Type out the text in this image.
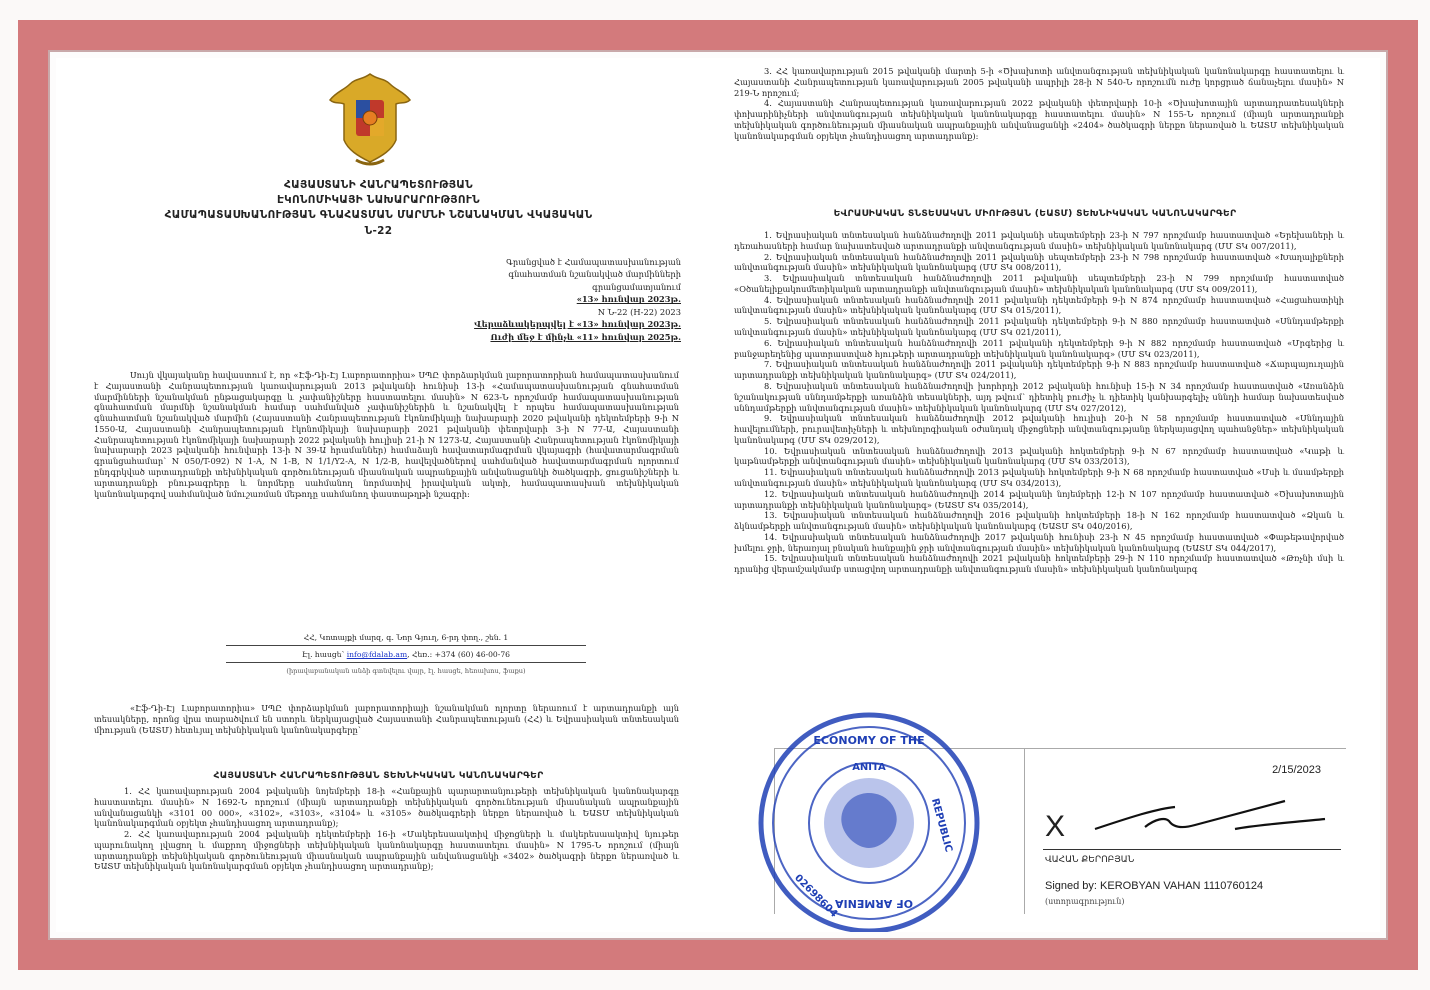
ՀԱՅԱՍՏԱՆԻ ՀԱՆՐԱՊԵՏՈՒԹՅԱՆ
ԷԿՈՆՈՄԻԿԱՅԻ ՆԱԽԱՐԱՐՈՒԹՅՈՒՆ
ՀԱՄԱՊԱՏԱՍԽԱՆՈՒԹՅԱՆ ԳՆԱՀԱՏՄԱՆ ՄԱՐՄՆԻ ՆՇԱՆԱԿՄԱՆ ՎԿԱՅԱԿԱՆ
Ն-22
Գրանցված է Համապատասխանության
գնահատման նշանակված մարմինների
գրանցամատյանում
«13» հունվար 2023թ.
N Ն-22 (H-22) 2023
Վերաձևակերպվել է «13» հունվար 2023թ.
Ուժի մեջ է մինչև «11» հունվար 2025թ.
Սույն վկայականը հավաստում է, որ «Էֆ-Դի-Էյ Լաբորատորիա» ՍՊԸ փորձարկման լաբորատորիան համապատասխանում է Հայաստանի Հանրապետության կառավարության 2013 թվականի հունիսի 13-ի «Համապատասխանության գնահատման մարմինների նշանակման ընթացակարգը և չափանիշները հաստատելու մասին» N 623-Ն որոշմամբ համապատասխանության գնահատման մարմնի նշանակման համար սահմանված չափանիշներին և նշանակվել է որպես համապատասխանության գնահատման նշանակված մարմին (Հայաստանի Հանրապետության էկոնոմիկայի նախարարի 2020 թվականի դեկտեմբերի 9-ի N 1550-Ա, Հայաստանի Հանրապետության էկոնոմիկայի նախարարի 2021 թվականի փետրվարի 3-ի N 77-Ա, Հայաստանի Հանրապետության էկոնոմիկայի նախարարի 2022 թվականի հուլիսի 21-ի N 1273-Ա, Հայաստանի Հանրապետության էկոնոմիկայի նախարարի 2023 թվականի հունվարի 13-ի N 39-Ա հրամաններ) համաձայն հավատարմագրման վկայագրի (հավատարմագրման գրանցահամար՝ N 050/T-092) N 1-A, N 1-B, N 1/1/Y2-A, N 1/2-B, հավելվածներով սահմանված հավատարմագրման ոլորտում ընդգրկված արտադրանքի տեխնիկական գործունեության միասնական ապրանքային անվանացանկի ծածկագրի, ցուցանիշների և արտադրանքի բնութագրերը և նորմերը սահմանող նորմատիվ իրավական ակտի, համապատասխան տեխնիկական կանոնակարգով սահմանված նմուշառման մեթոդը սահմանող փաստաթղթի նշագրի:
ՀՀ, Կոտայքի մարզ, գ. Նոր Գյուղ, 6-րդ փող., շեն. 1
Էլ. հասցե՝ info@fdalab.am, Հեռ.: +374 (60) 46-00-76
(իրավաբանական անձի գտնվելու վայր, էլ. հասցե, հեռախոս, ֆաքս)
«Էֆ-Դի-Էյ Լաբորատորիա» ՍՊԸ փորձարկման լաբորատորիայի նշանակման ոլորտը ներառում է արտադրանքի այն տեսակները, որոնց վրա տարածվում են ստորև ներկայացված Հայաստանի Հանրապետության (ՀՀ) և Եվրասիական տնտեսական միության (ԵԱՏՄ) հետևյալ տեխնիկական կանոնակարգերը՝
ՀԱՅԱՍՏԱՆԻ ՀԱՆՐԱՊԵՏՈՒԹՅԱՆ ՏԵԽՆԻԿԱԿԱՆ ԿԱՆՈՆԱԿԱՐԳԵՐ

1. ՀՀ կառավարության 2004 թվականի նոյեմբերի 18-ի «Հանքային պարարտանյութերի տեխնիկական կանոնակարգը հաստատելու մասին» N 1692-Ն որոշում (միայն արտադրանքի տեխնիկական գործունեության միասնական ապրանքային անվանացանկի «3101 00 000», «3102», «3103», «3104» և «3105» ծածկագրերի ներքո ներառված և ԵԱՏՄ տեխնիկական կանոնակարգման օբյեկտ չհանդիսացող արտադրանք);

2. ՀՀ կառավարության 2004 թվականի դեկտեմբերի 16-ի «Մակերեսաակտիվ միջոցների և մակերեսաակտիվ նյութեր պարունակող լվացող և մաքրող միջոցների տեխնիկական կանոնակարգը հաստատելու մասին» N 1795-Ն որոշում (միայն արտադրանքի տեխնիկական գործունեության միասնական ապրանքային անվանացանկի «3402» ծածկագրի ներքո ներառված և ԵԱՏՄ տեխնիկական կանոնակարգման օբյեկտ չհանդիսացող արտադրանք);

3. ՀՀ կառավարության 2015 թվականի մարտի 5-ի «Ծխախոտի անվտանգության տեխնիկական կանոնակարգը հաստատելու և Հայաստանի Հանրապետության կառավարության 2005 թվականի ապրիլի 28-ի N 540-Ն որոշումն ուժը կորցրած ճանաչելու մասին» N 219-Ն որոշում;

4. Հայաստանի Հանրապետության կառավարության 2022 թվականի փետրվարի 10-ի «Ծխախոտային արտադրատեսակների փոխարինիչների անվտանգության տեխնիկական կանոնակարգը հաստատելու մասին» N 155-Ն որոշում (միայն արտադրանքի տեխնիկական գործունեության միասնական ապրանքային անվանացանկի «2404» ծածկագրի ներքո ներառված և ԵԱՏՄ տեխնիկական կանոնակարգման օբյեկտ չհանդիսացող արտադրանք):

ԵՎՐԱՍԻԱԿԱՆ ՏՆՏԵՍԱԿԱՆ ՄԻՈՒԹՅԱՆ (ԵԱՏՄ) ՏԵԽՆԻԿԱԿԱՆ ԿԱՆՈՆԱԿԱՐԳԵՐ

1. Եվրասիական տնտեսական հանձնաժողովի 2011 թվականի սեպտեմբերի 23-ի N 797 որոշմամբ հաստատված «Երեխաների և դեռահասների համար նախատեսված արտադրանքի անվտանգության մասին» տեխնիկական կանոնակարգ (ՄՄ ՏԿ 007/2011),

2. Եվրասիական տնտեսական հանձնաժողովի 2011 թվականի սեպտեմբերի 23-ի N 798 որոշմամբ հաստատված «Խաղալիքների անվտանգության մասին» տեխնիկական կանոնակարգ (ՄՄ ՏԿ 008/2011),

3. Եվրասիական տնտեսական հանձնաժողովի 2011 թվականի սեպտեմբերի 23-ի N 799 որոշմամբ հաստատված «Օծանելիքակոսմետիկական արտադրանքի անվտանգության մասին» տեխնիկական կանոնակարգ (ՄՄ ՏԿ 009/2011),

4. Եվրասիական տնտեսական հանձնաժողովի 2011 թվականի դեկտեմբերի 9-ի N 874 որոշմամբ հաստատված «Հացահատիկի անվտանգության մասին» տեխնիկական կանոնակարգ (ՄՄ ՏԿ 015/2011),

5. Եվրասիական տնտեսական հանձնաժողովի 2011 թվականի դեկտեմբերի 9-ի N 880 որոշմամբ հաստատված «Սննդամթերքի անվտանգության մասին» տեխնիկական կանոնակարգ (ՄՄ ՏԿ 021/2011),

6. Եվրասիական տնտեսական հանձնաժողովի 2011 թվականի դեկտեմբերի 9-ի N 882 որոշմամբ հաստատված «Մրգերից և բանջարեղենից պատրաստված հյութերի արտադրանքի տեխնիկական կանոնակարգ» (ՄՄ ՏԿ 023/2011),

7. Եվրասիական տնտեսական հանձնաժողովի 2011 թվականի դեկտեմբերի 9-ի N 883 որոշմամբ հաստատված «Ճարպայուղային արտադրանքի տեխնիկական կանոնակարգ» (ՄՄ ՏԿ 024/2011),

8. Եվրասիական տնտեսական հանձնաժողովի խորհրդի 2012 թվականի հունիսի 15-ի N 34 որոշմամբ հաստատված «Առանձին նշանակության սննդամթերքի առանձին տեսակների, այդ թվում՝ դիետիկ բուժիչ և դիետիկ կանխարգելիչ սննդի համար նախատեսված սննդամթերքի անվտանգության մասին» տեխնիկական կանոնակարգ (ՄՄ ՏԿ 027/2012),

9. Եվրասիական տնտեսական հանձնաժողովի 2012 թվականի հուլիսի 20-ի N 58 որոշմամբ հաստատված «Սննդային հավելումների, բուրավետիչների և տեխնոլոգիական օժանդակ միջոցների անվտանգությանը ներկայացվող պահանջներ» տեխնիկական կանոնակարգ (ՄՄ ՏԿ 029/2012),

10. Եվրասիական տնտեսական հանձնաժողովի 2013 թվականի հոկտեմբերի 9-ի N 67 որոշմամբ հաստատված «Կաթի և կաթնամթերքի անվտանգության մասին» տեխնիկական կանոնակարգ (ՄՄ ՏԿ 033/2013),

11. Եվրասիական տնտեսական հանձնաժողովի 2013 թվականի հոկտեմբերի 9-ի N 68 որոշմամբ հաստատված «Մսի և մսամթերքի անվտանգության մասին» տեխնիկական կանոնակարգ (ՄՄ ՏԿ 034/2013),

12. Եվրասիական տնտեսական հանձնաժողովի 2014 թվականի նոյեմբերի 12-ի N 107 որոշմամբ հաստատված «Ծխախոտային արտադրանքի տեխնիկական կանոնակարգ» (ԵԱՏՄ ՏԿ 035/2014),

13. Եվրասիական տնտեսական հանձնաժողովի 2016 թվականի հոկտեմբերի 18-ի N 162 որոշմամբ հաստատված «Ձկան և ձկնամթերքի անվտանգության մասին» տեխնիկական կանոնակարգ (ԵԱՏՄ ՏԿ 040/2016),

14. Եվրասիական տնտեսական հանձնաժողովի 2017 թվականի հունիսի 23-ի N 45 որոշմամբ հաստատված «Փաթեթավորված խմելու ջրի, ներառյալ բնական հանքային ջրի անվտանգության մասին» տեխնիկական կանոնակարգ (ԵԱՏՄ ՏԿ 044/2017),

15. Եվրասիական տնտեսական հանձնաժողովի 2021 թվականի հոկտեմբերի 29-ի N 110 որոշմամբ հաստատված «Թռչնի մսի և դրանից վերամշակմամբ ստացվող արտադրանքի անվտանգության մասին» տեխնիկական կանոնակարգ

2/15/2023
X
ՎԱՀԱՆ ՔԵՐՈԲՅԱՆ
Signed by: KEROBYAN VAHAN 1110760124
(ստորագրություն)
ANITA
ECONOMY OF THE
REPUBLIC
OF ARMENIA
02698604
